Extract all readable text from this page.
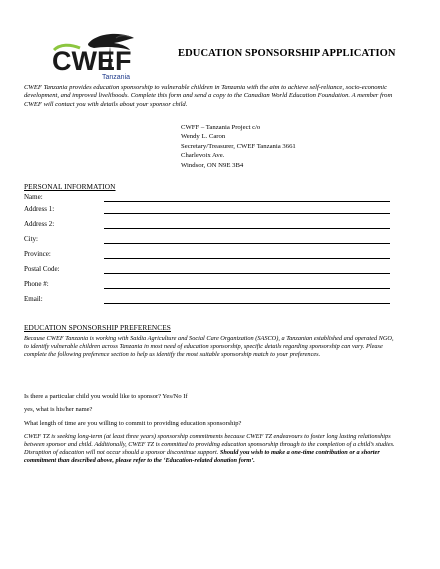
CWEF
Tanzania
EDUCATION SPONSORSHIP APPLICATION
CWEF Tanzania provides education sponsorship to vulnerable children in Tanzania with the aim to achieve self-reliance, socio-economic development, and improved livelihoods. Complete this form and send a copy to the Canadian World Education Foundation. A member from CWEF will contact you with details about your sponsor child.
CWFF – Tanzania Project c/o
Wendy L. Caron
Secretary/Treasurer, CWEF Tanzania 3661
Charlevoix Ave.
Windsor, ON N9E 3B4
PERSONAL INFORMATION
Name:
Address 1:
Address 2:
City:
Province:
Postal Code:
Phone #:
Email:
EDUCATION SPONSORSHIP PREFERENCES
Because CWEF Tanzania is working with Saidia Agriculture and Social Care Organization (SASCO), a Tanzanian established and operated NGO, to identify vulnerable children across Tanzania in most need of education sponsorship, specific details regarding sponsorship can vary. Please complete the following preference section to help us identify the most suitable sponsorship match to your preferences.
Is there a particular child you would like to sponsor? Yes/No If
yes, what is his/her name?
What length of time are you willing to commit to providing education sponsorship?
CWEF TZ is seeking long-term (at least three years) sponsorship commitments because CWEF TZ endeavours to foster long lasting relationships between sponsor and child. Additionally, CWEF TZ is committed to providing education sponsorship through to the completion of a child’s studies. Disruption of education will not occur should a sponsor discontinue support. Should you wish to make a one-time contribution or a shorter commitment than described above, please refer to the ‘Education-related donation form’.
